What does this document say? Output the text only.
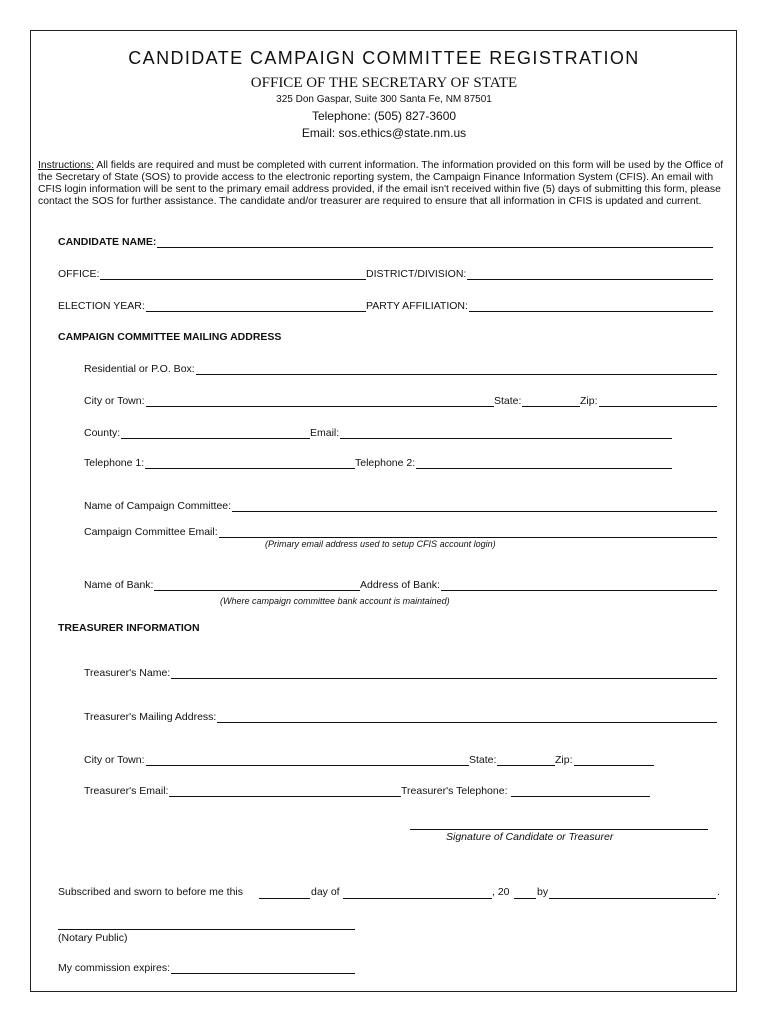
CANDIDATE CAMPAIGN COMMITTEE REGISTRATION
OFFICE OF THE SECRETARY OF STATE
325 Don Gaspar, Suite 300 Santa Fe, NM 87501
Telephone: (505) 827-3600
Email: sos.ethics@state.nm.us
Instructions: All fields are required and must be completed with current information. The information provided on this form will be used by the Office of the Secretary of State (SOS) to provide access to the electronic reporting system, the Campaign Finance Information System (CFIS). An email with CFIS login information will be sent to the primary email address provided, if the email isn't received within five (5) days of submitting this form, please contact the SOS for further assistance. The candidate and/or treasurer are required to ensure that all information in CFIS is updated and current.
CANDIDATE NAME:
OFFICE:	DISTRICT/DIVISION:
ELECTION YEAR:	PARTY AFFILIATION:
CAMPAIGN COMMITTEE MAILING ADDRESS
Residential or P.O. Box:
City or Town:	State:	Zip:
County:	Email:
Telephone 1:	Telephone 2:
Name of Campaign Committee:
Campaign Committee Email:
(Primary email address used to setup CFIS account login)
Name of Bank:	Address of Bank:
(Where campaign committee bank account is maintained)
TREASURER INFORMATION
Treasurer's Name:
Treasurer's Mailing Address:
City or Town:	State:	Zip:
Treasurer's Email:	Treasurer's Telephone:
Signature of Candidate or Treasurer
Subscribed and sworn to before me this	day of	, 20	by	.
(Notary Public)
My commission expires:
